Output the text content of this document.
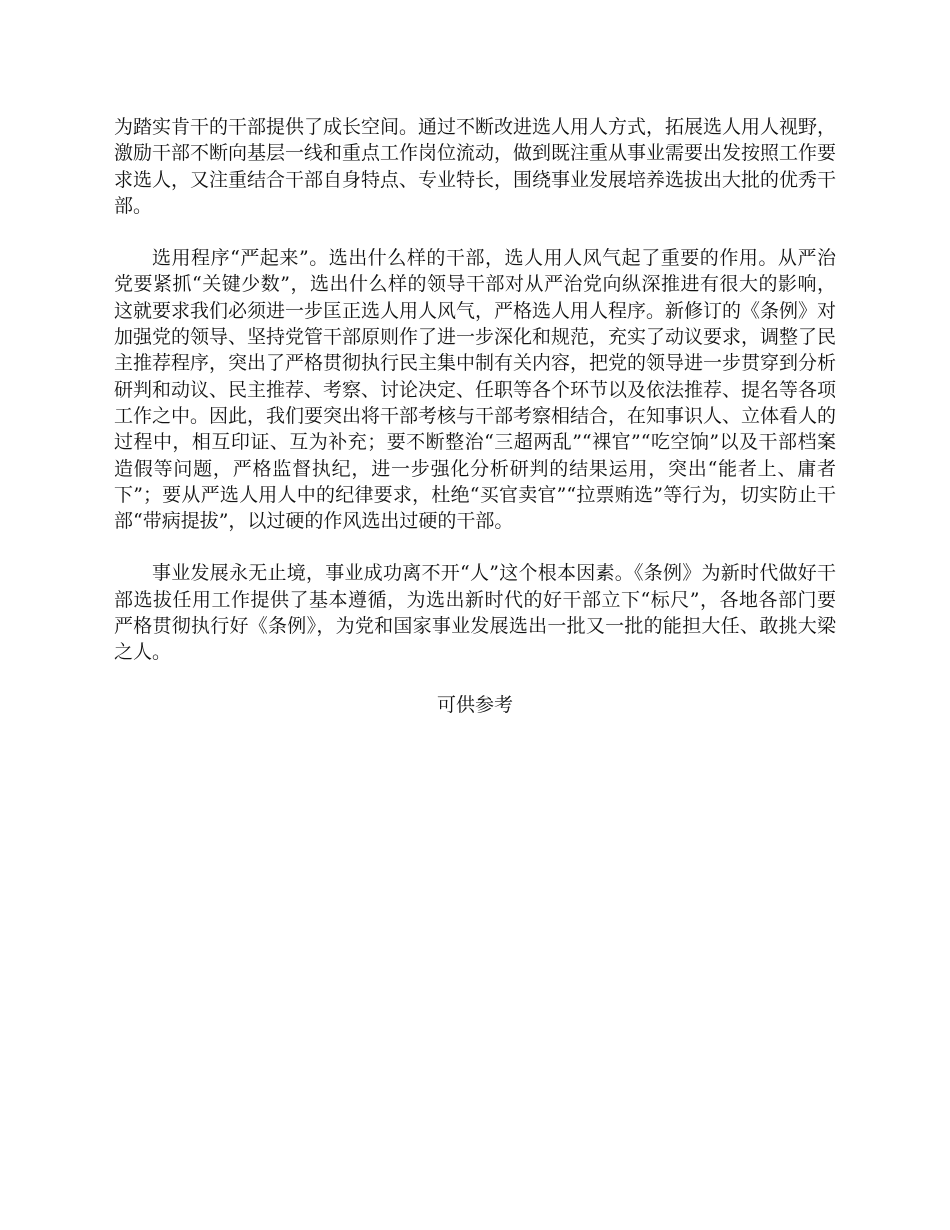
为踏实肯干的干部提供了成长空间。通过不断改进选人用人方式，拓展选人用人视野，激励干部不断向基层一线和重点工作岗位流动，做到既注重从事业需要出发按照工作要求选人，又注重结合干部自身特点、专业特长，围绕事业发展培养选拔出大批的优秀干部。

选用程序“严起来”。选出什么样的干部，选人用人风气起了重要的作用。从严治党要紧抓“关键少数”，选出什么样的领导干部对从严治党向纵深推进有很大的影响，这就要求我们必须进一步匡正选人用人风气，严格选人用人程序。新修订的《条例》对加强党的领导、坚持党管干部原则作了进一步深化和规范，充实了动议要求，调整了民主推荐程序，突出了严格贯彻执行民主集中制有关内容，把党的领导进一步贯穿到分析研判和动议、民主推荐、考察、讨论决定、任职等各个环节以及依法推荐、提名等各项工作之中。因此，我们要突出将干部考核与干部考察相结合，在知事识人、立体看人的过程中，相互印证、互为补充；要不断整治“三超两乱”“裸官”“吃空饷”以及干部档案造假等问题，严格监督执纪，进一步强化分析研判的结果运用，突出“能者上、庸者下”；要从严选人用人中的纪律要求，杜绝“买官卖官”“拉票贿选”等行为，切实防止干部“带病提拔”，以过硬的作风选出过硬的干部。

事业发展永无止境，事业成功离不开“人”这个根本因素。《条例》为新时代做好干部选拔任用工作提供了基本遵循，为选出新时代的好干部立下“标尺”，各地各部门要严格贯彻执行好《条例》，为党和国家事业发展选出一批又一批的能担大任、敢挑大梁之人。

可供参考
